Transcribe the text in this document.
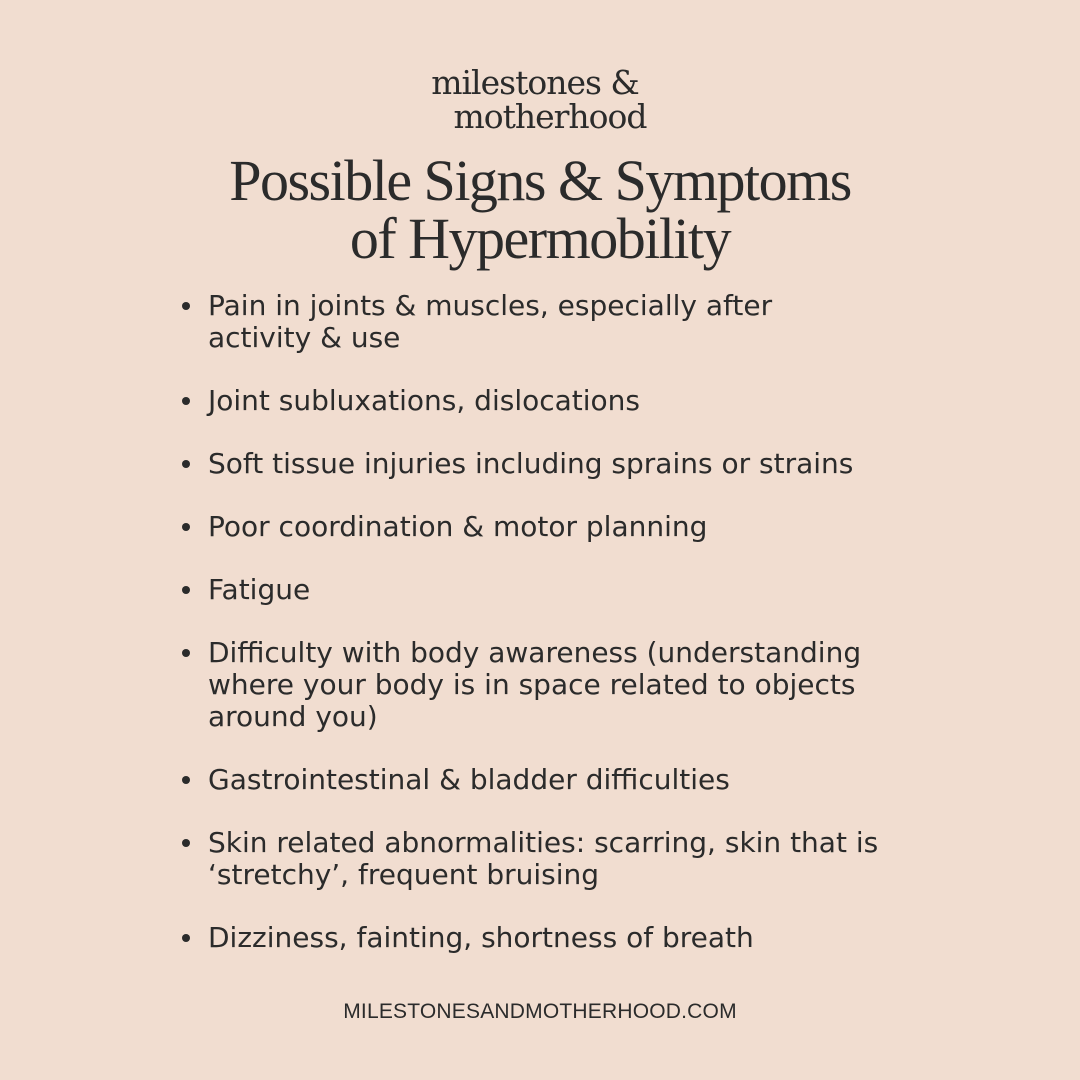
milestones &
motherhood
Possible Signs & Symptoms
of Hypermobility
Pain in joints & muscles, especially after activity & use
Joint subluxations, dislocations
Soft tissue injuries including sprains or strains
Poor coordination & motor planning
Fatigue
Difficulty with body awareness (understanding where your body is in space related to objects around you)
Gastrointestinal & bladder difficulties
Skin related abnormalities: scarring, skin that is ‘stretchy’, frequent bruising
Dizziness, fainting, shortness of breath
MILESTONESANDMOTHERHOOD.COM
